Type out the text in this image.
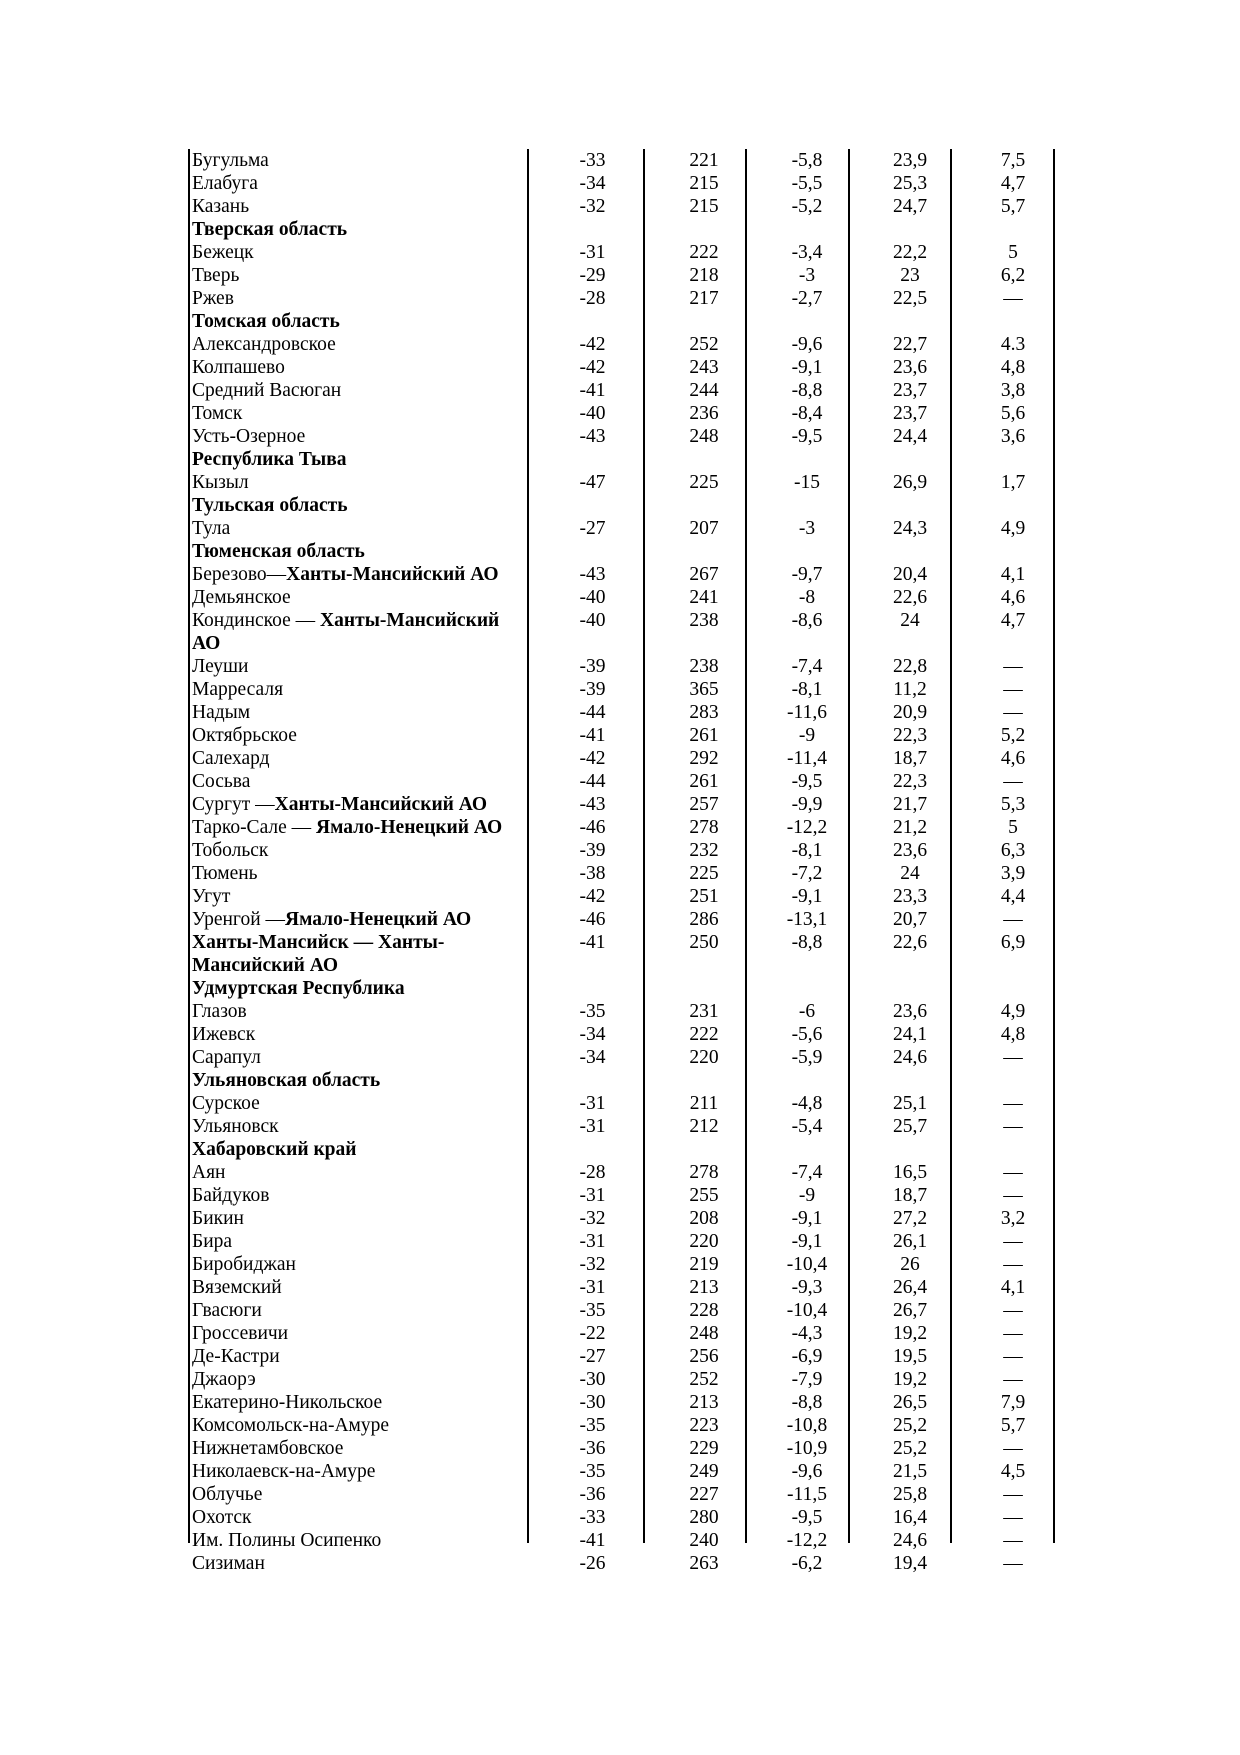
Бугульма	-33	221	-5,8	23,9	7,5
Елабуга	-34	215	-5,5	25,3	4,7
Казань	-32	215	-5,2	24,7	5,7
Тверская область					
Бежецк	-31	222	-3,4	22,2	5
Тверь	-29	218	-3	23	6,2
Ржев	-28	217	-2,7	22,5	—
Томская область					
Александровское	-42	252	-9,6	22,7	4.3
Колпашево	-42	243	-9,1	23,6	4,8
Средний Васюган	-41	244	-8,8	23,7	3,8
Томск	-40	236	-8,4	23,7	5,6
Усть-Озерное	-43	248	-9,5	24,4	3,6
Республика Тыва					
Кызыл	-47	225	-15	26,9	1,7
Тульская область					
Тула	-27	207	-3	24,3	4,9
Тюменская область					
Березово—Ханты-Мансийский АО	-43	267	-9,7	20,4	4,1
Демьянское	-40	241	-8	22,6	4,6
Кондинское — Ханты-Мансийский АО	-40	238	-8,6	24	4,7
Леуши	-39	238	-7,4	22,8	—
Марресаля	-39	365	-8,1	11,2	—
Надым	-44	283	-11,6	20,9	—
Октябрьское	-41	261	-9	22,3	5,2
Салехард	-42	292	-11,4	18,7	4,6
Сосьва	-44	261	-9,5	22,3	—
Сургут —Ханты-Мансийский АО	-43	257	-9,9	21,7	5,3
Тарко-Сале — Ямало-Ненецкий АО	-46	278	-12,2	21,2	5
Тобольск	-39	232	-8,1	23,6	6,3
Тюмень	-38	225	-7,2	24	3,9
Угут	-42	251	-9,1	23,3	4,4
Уренгой —Ямало-Ненецкий АО	-46	286	-13,1	20,7	—
Ханты-Мансийск — Ханты-Мансийский АО	-41	250	-8,8	22,6	6,9
Удмуртская Республика					
Глазов	-35	231	-6	23,6	4,9
Ижевск	-34	222	-5,6	24,1	4,8
Сарапул	-34	220	-5,9	24,6	—
Ульяновская область					
Сурское	-31	211	-4,8	25,1	—
Ульяновск	-31	212	-5,4	25,7	—
Хабаровский край					
Аян	-28	278	-7,4	16,5	—
Байдуков	-31	255	-9	18,7	—
Бикин	-32	208	-9,1	27,2	3,2
Бира	-31	220	-9,1	26,1	—
Биробиджан	-32	219	-10,4	26	—
Вяземский	-31	213	-9,3	26,4	4,1
Гвасюги	-35	228	-10,4	26,7	—
Гроссевичи	-22	248	-4,3	19,2	—
Де-Кастри	-27	256	-6,9	19,5	—
Джаорэ	-30	252	-7,9	19,2	—
Екатерино-Никольское	-30	213	-8,8	26,5	7,9
Комсомольск-на-Амуре	-35	223	-10,8	25,2	5,7
Нижнетамбовское	-36	229	-10,9	25,2	—
Николаевск-на-Амуре	-35	249	-9,6	21,5	4,5
Облучье	-36	227	-11,5	25,8	—
Охотск	-33	280	-9,5	16,4	—
Им. Полины Осипенко	-41	240	-12,2	24,6	—
Сизиман	-26	263	-6,2	19,4	—
